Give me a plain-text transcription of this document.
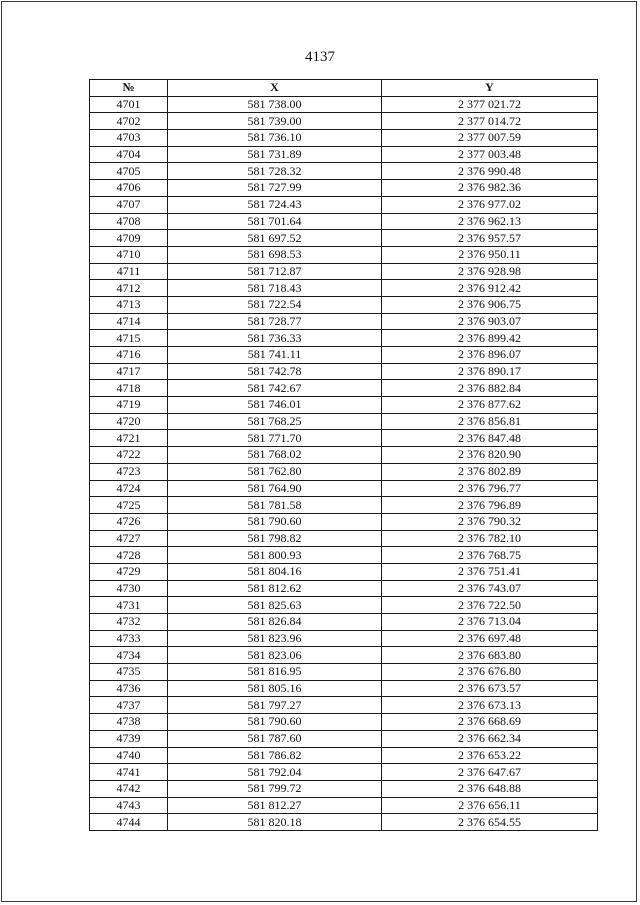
4137
№	X	Y
4701	581 738.00	2 377 021.72
4702	581 739.00	2 377 014.72
4703	581 736.10	2 377 007.59
4704	581 731.89	2 377 003.48
4705	581 728.32	2 376 990.48
4706	581 727.99	2 376 982.36
4707	581 724.43	2 376 977.02
4708	581 701.64	2 376 962.13
4709	581 697.52	2 376 957.57
4710	581 698.53	2 376 950.11
4711	581 712.87	2 376 928.98
4712	581 718.43	2 376 912.42
4713	581 722.54	2 376 906.75
4714	581 728.77	2 376 903.07
4715	581 736.33	2 376 899.42
4716	581 741.11	2 376 896.07
4717	581 742.78	2 376 890.17
4718	581 742.67	2 376 882.84
4719	581 746.01	2 376 877.62
4720	581 768.25	2 376 856.81
4721	581 771.70	2 376 847.48
4722	581 768.02	2 376 820.90
4723	581 762.80	2 376 802.89
4724	581 764.90	2 376 796.77
4725	581 781.58	2 376 796.89
4726	581 790.60	2 376 790.32
4727	581 798.82	2 376 782.10
4728	581 800.93	2 376 768.75
4729	581 804.16	2 376 751.41
4730	581 812.62	2 376 743.07
4731	581 825.63	2 376 722.50
4732	581 826.84	2 376 713.04
4733	581 823.96	2 376 697.48
4734	581 823.06	2 376 683.80
4735	581 816.95	2 376 676.80
4736	581 805.16	2 376 673.57
4737	581 797.27	2 376 673.13
4738	581 790.60	2 376 668.69
4739	581 787.60	2 376 662.34
4740	581 786.82	2 376 653.22
4741	581 792.04	2 376 647.67
4742	581 799.72	2 376 648.88
4743	581 812.27	2 376 656.11
4744	581 820.18	2 376 654.55
